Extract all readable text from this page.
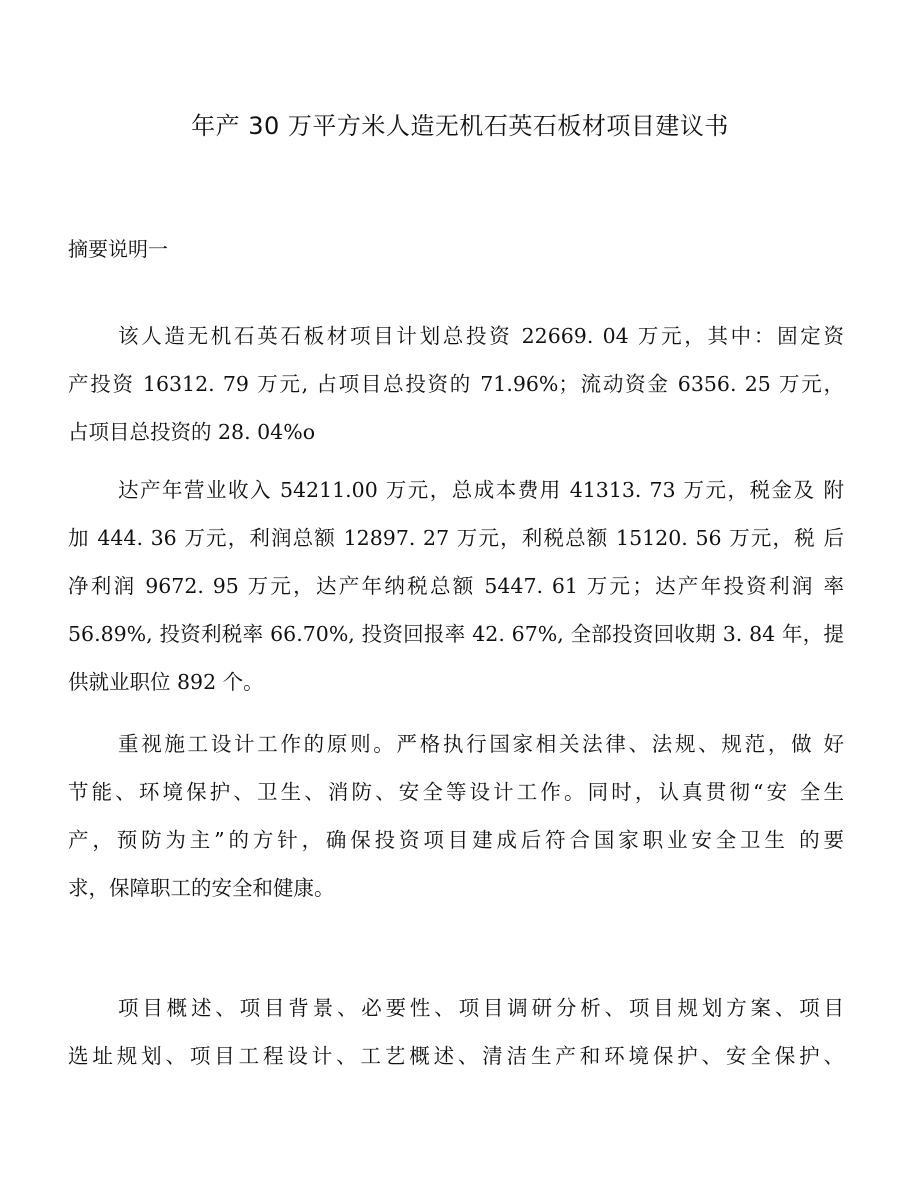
年产 30 万平方米人造无机石英石板材项目建议书
摘要说明一
该人造无机石英石板材项目计划总投资 22669. 04 万元，其中：固定资
产投资 16312. 79 万元, 占项目总投资的 71.96%；流动资金 6356. 25 万元，
占项目总投资的 28. 04%o
达产年营业收入 54211.00 万元，总成本费用 41313. 73 万元，税金及 附
加 444. 36 万元，利润总额 12897. 27 万元，利税总额 15120. 56 万元，税 后
净利润 9672. 95 万元，达产年纳税总额 5447. 61 万元；达产年投资利润 率
56.89%, 投资利税率 66.70%, 投资回报率 42. 67%, 全部投资回收期 3. 84 年，提
供就业职位 892 个。
重视施工设计工作的原则。严格执行国家相关法律、法规、规范，做 好
节能、环境保护、卫生、消防、安全等设计工作。同时，认真贯彻“安 全生
产，预防为主”的方针，确保投资项目建成后符合国家职业安全卫生 的要
求，保障职工的安全和健康。
项目概述、项目背景、必要性、项目调研分析、项目规划方案、项目
选址规划、项目工程设计、工艺概述、清洁生产和环境保护、安全保护、
